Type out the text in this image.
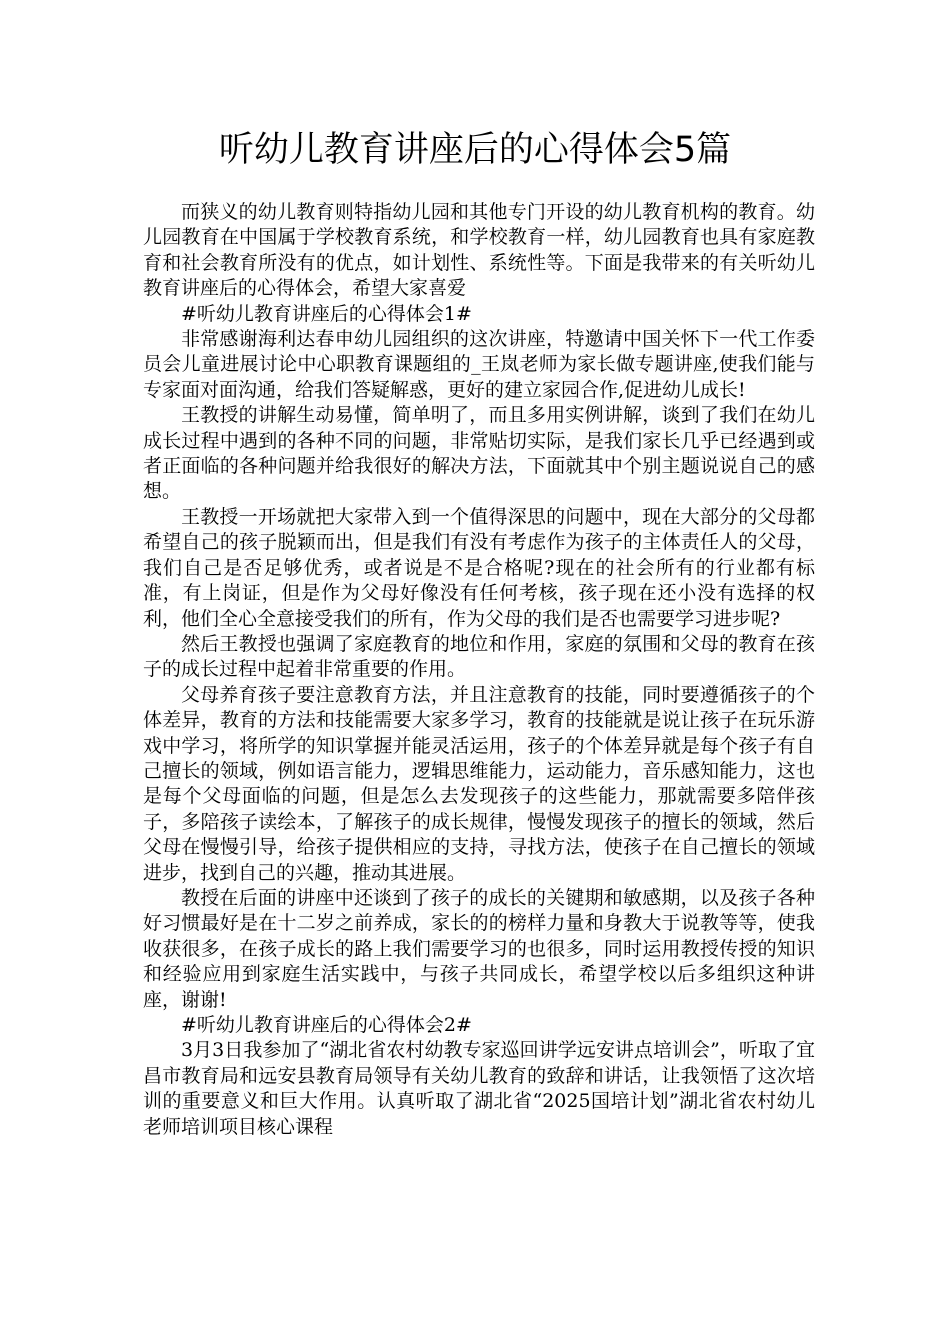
听幼儿教育讲座后的心得体会5篇

而狭义的幼儿教育则特指幼儿园和其他专门开设的幼儿教育机构的教育。幼儿园教育在中国属于学校教育系统，和学校教育一样，幼儿园教育也具有家庭教育和社会教育所没有的优点，如计划性、系统性等。下面是我带来的有关听幼儿教育讲座后的心得体会，希望大家喜爱

#听幼儿教育讲座后的心得体会1#

非常感谢海利达春申幼儿园组织的这次讲座，特邀请中国关怀下一代工作委员会儿童进展讨论中心职教育课题组的_王岚老师为家长做专题讲座,使我们能与专家面对面沟通，给我们答疑解惑，更好的建立家园合作,促进幼儿成长!

王教授的讲解生动易懂，简单明了，而且多用实例讲解，谈到了我们在幼儿成长过程中遇到的各种不同的问题，非常贴切实际，是我们家长几乎已经遇到或者正面临的各种问题并给我很好的解决方法，下面就其中个别主题说说自己的感想。

王教授一开场就把大家带入到一个值得深思的问题中，现在大部分的父母都希望自己的孩子脱颖而出，但是我们有没有考虑作为孩子的主体责任人的父母，我们自己是否足够优秀，或者说是不是合格呢?现在的社会所有的行业都有标准，有上岗证，但是作为父母好像没有任何考核，孩子现在还小没有选择的权利，他们全心全意接受我们的所有，作为父母的我们是否也需要学习进步呢?

然后王教授也强调了家庭教育的地位和作用，家庭的氛围和父母的教育在孩子的成长过程中起着非常重要的作用。

父母养育孩子要注意教育方法，并且注意教育的技能，同时要遵循孩子的个体差异，教育的方法和技能需要大家多学习，教育的技能就是说让孩子在玩乐游戏中学习，将所学的知识掌握并能灵活运用，孩子的个体差异就是每个孩子有自己擅长的领域，例如语言能力，逻辑思维能力，运动能力，音乐感知能力，这也是每个父母面临的问题，但是怎么去发现孩子的这些能力，那就需要多陪伴孩子，多陪孩子读绘本，了解孩子的成长规律，慢慢发现孩子的擅长的领域，然后父母在慢慢引导，给孩子提供相应的支持，寻找方法，使孩子在自己擅长的领域进步，找到自己的兴趣，推动其进展。

教授在后面的讲座中还谈到了孩子的成长的关键期和敏感期，以及孩子各种好习惯最好是在十二岁之前养成，家长的的榜样力量和身教大于说教等等，使我收获很多，在孩子成长的路上我们需要学习的也很多，同时运用教授传授的知识和经验应用到家庭生活实践中，与孩子共同成长，希望学校以后多组织这种讲座，谢谢!

#听幼儿教育讲座后的心得体会2#

3月3日我参加了“湖北省农村幼教专家巡回讲学远安讲点培训会”，听取了宜昌市教育局和远安县教育局领导有关幼儿教育的致辞和讲话，让我领悟了这次培训的重要意义和巨大作用。认真听取了湖北省“2025国培计划”湖北省农村幼儿老师培训项目核心课程
